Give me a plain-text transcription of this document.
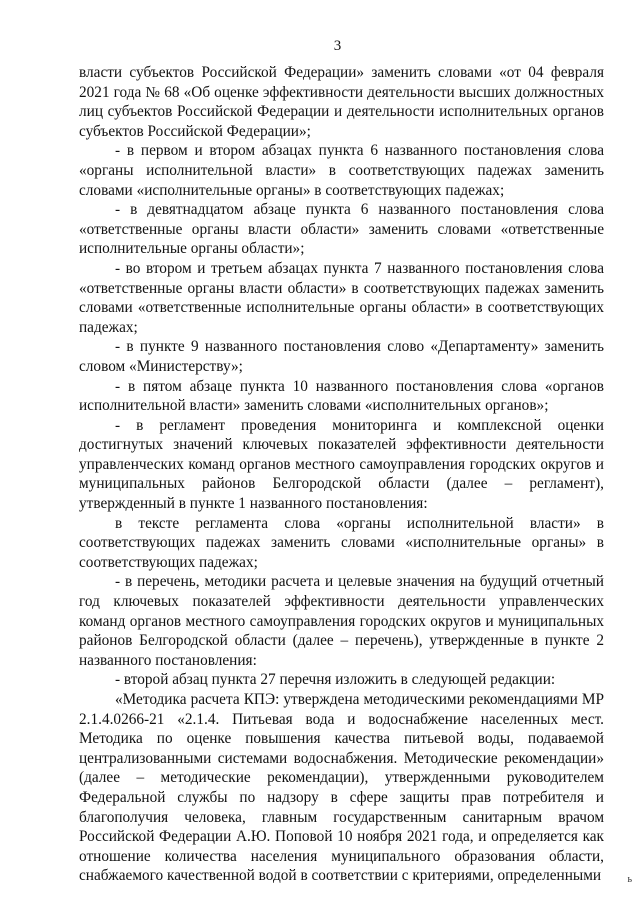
3

власти субъектов Российской Федерации» заменить словами «от 04 февраля 2021 года № 68 «Об оценке эффективности деятельности высших должностных лиц субъектов Российской Федерации и деятельности исполнительных органов субъектов Российской Федерации»;

- в первом и втором абзацах пункта 6 названного постановления слова «органы исполнительной власти» в соответствующих падежах заменить словами «исполнительные органы» в соответствующих падежах;

- в девятнадцатом абзаце пункта 6 названного постановления слова «ответственные органы власти области» заменить словами «ответственные исполнительные органы области»;

- во втором и третьем абзацах пункта 7 названного постановления слова «ответственные органы власти области» в соответствующих падежах заменить словами «ответственные исполнительные органы области» в соответствующих падежах;

- в пункте 9 названного постановления слово «Департаменту» заменить словом «Министерству»;

- в пятом абзаце пункта 10 названного постановления слова «органов исполнительной власти» заменить словами «исполнительных органов»;

- в регламент проведения мониторинга и комплексной оценки достигнутых значений ключевых показателей эффективности деятельности управленческих команд органов местного самоуправления городских округов и муниципальных районов Белгородской области (далее – регламент), утвержденный в пункте 1 названного постановления:

в тексте регламента слова «органы исполнительной власти» в соответствующих падежах заменить словами «исполнительные органы» в соответствующих падежах;

- в перечень, методики расчета и целевые значения на будущий отчетный год ключевых показателей эффективности деятельности управленческих команд органов местного самоуправления городских округов и муниципальных районов Белгородской области (далее – перечень), утвержденные в пункте 2 названного постановления:

- второй абзац пункта 27 перечня изложить в следующей редакции:

«Методика расчета КПЭ: утверждена методическими рекомендациями МР 2.1.4.0266-21 «2.1.4. Питьевая вода и водоснабжение населенных мест. Методика по оценке повышения качества питьевой воды, подаваемой централизованными системами водоснабжения. Методические рекомендации» (далее – методические рекомендации), утвержденными руководителем Федеральной службы по надзору в сфере защиты прав потребителя и благополучия человека, главным государственным санитарным врачом Российской Федерации А.Ю. Поповой 10 ноября 2021 года, и определяется как отношение количества населения муниципального образования области, снабжаемого качественной водой в соответствии с критериями, определенными	ь
